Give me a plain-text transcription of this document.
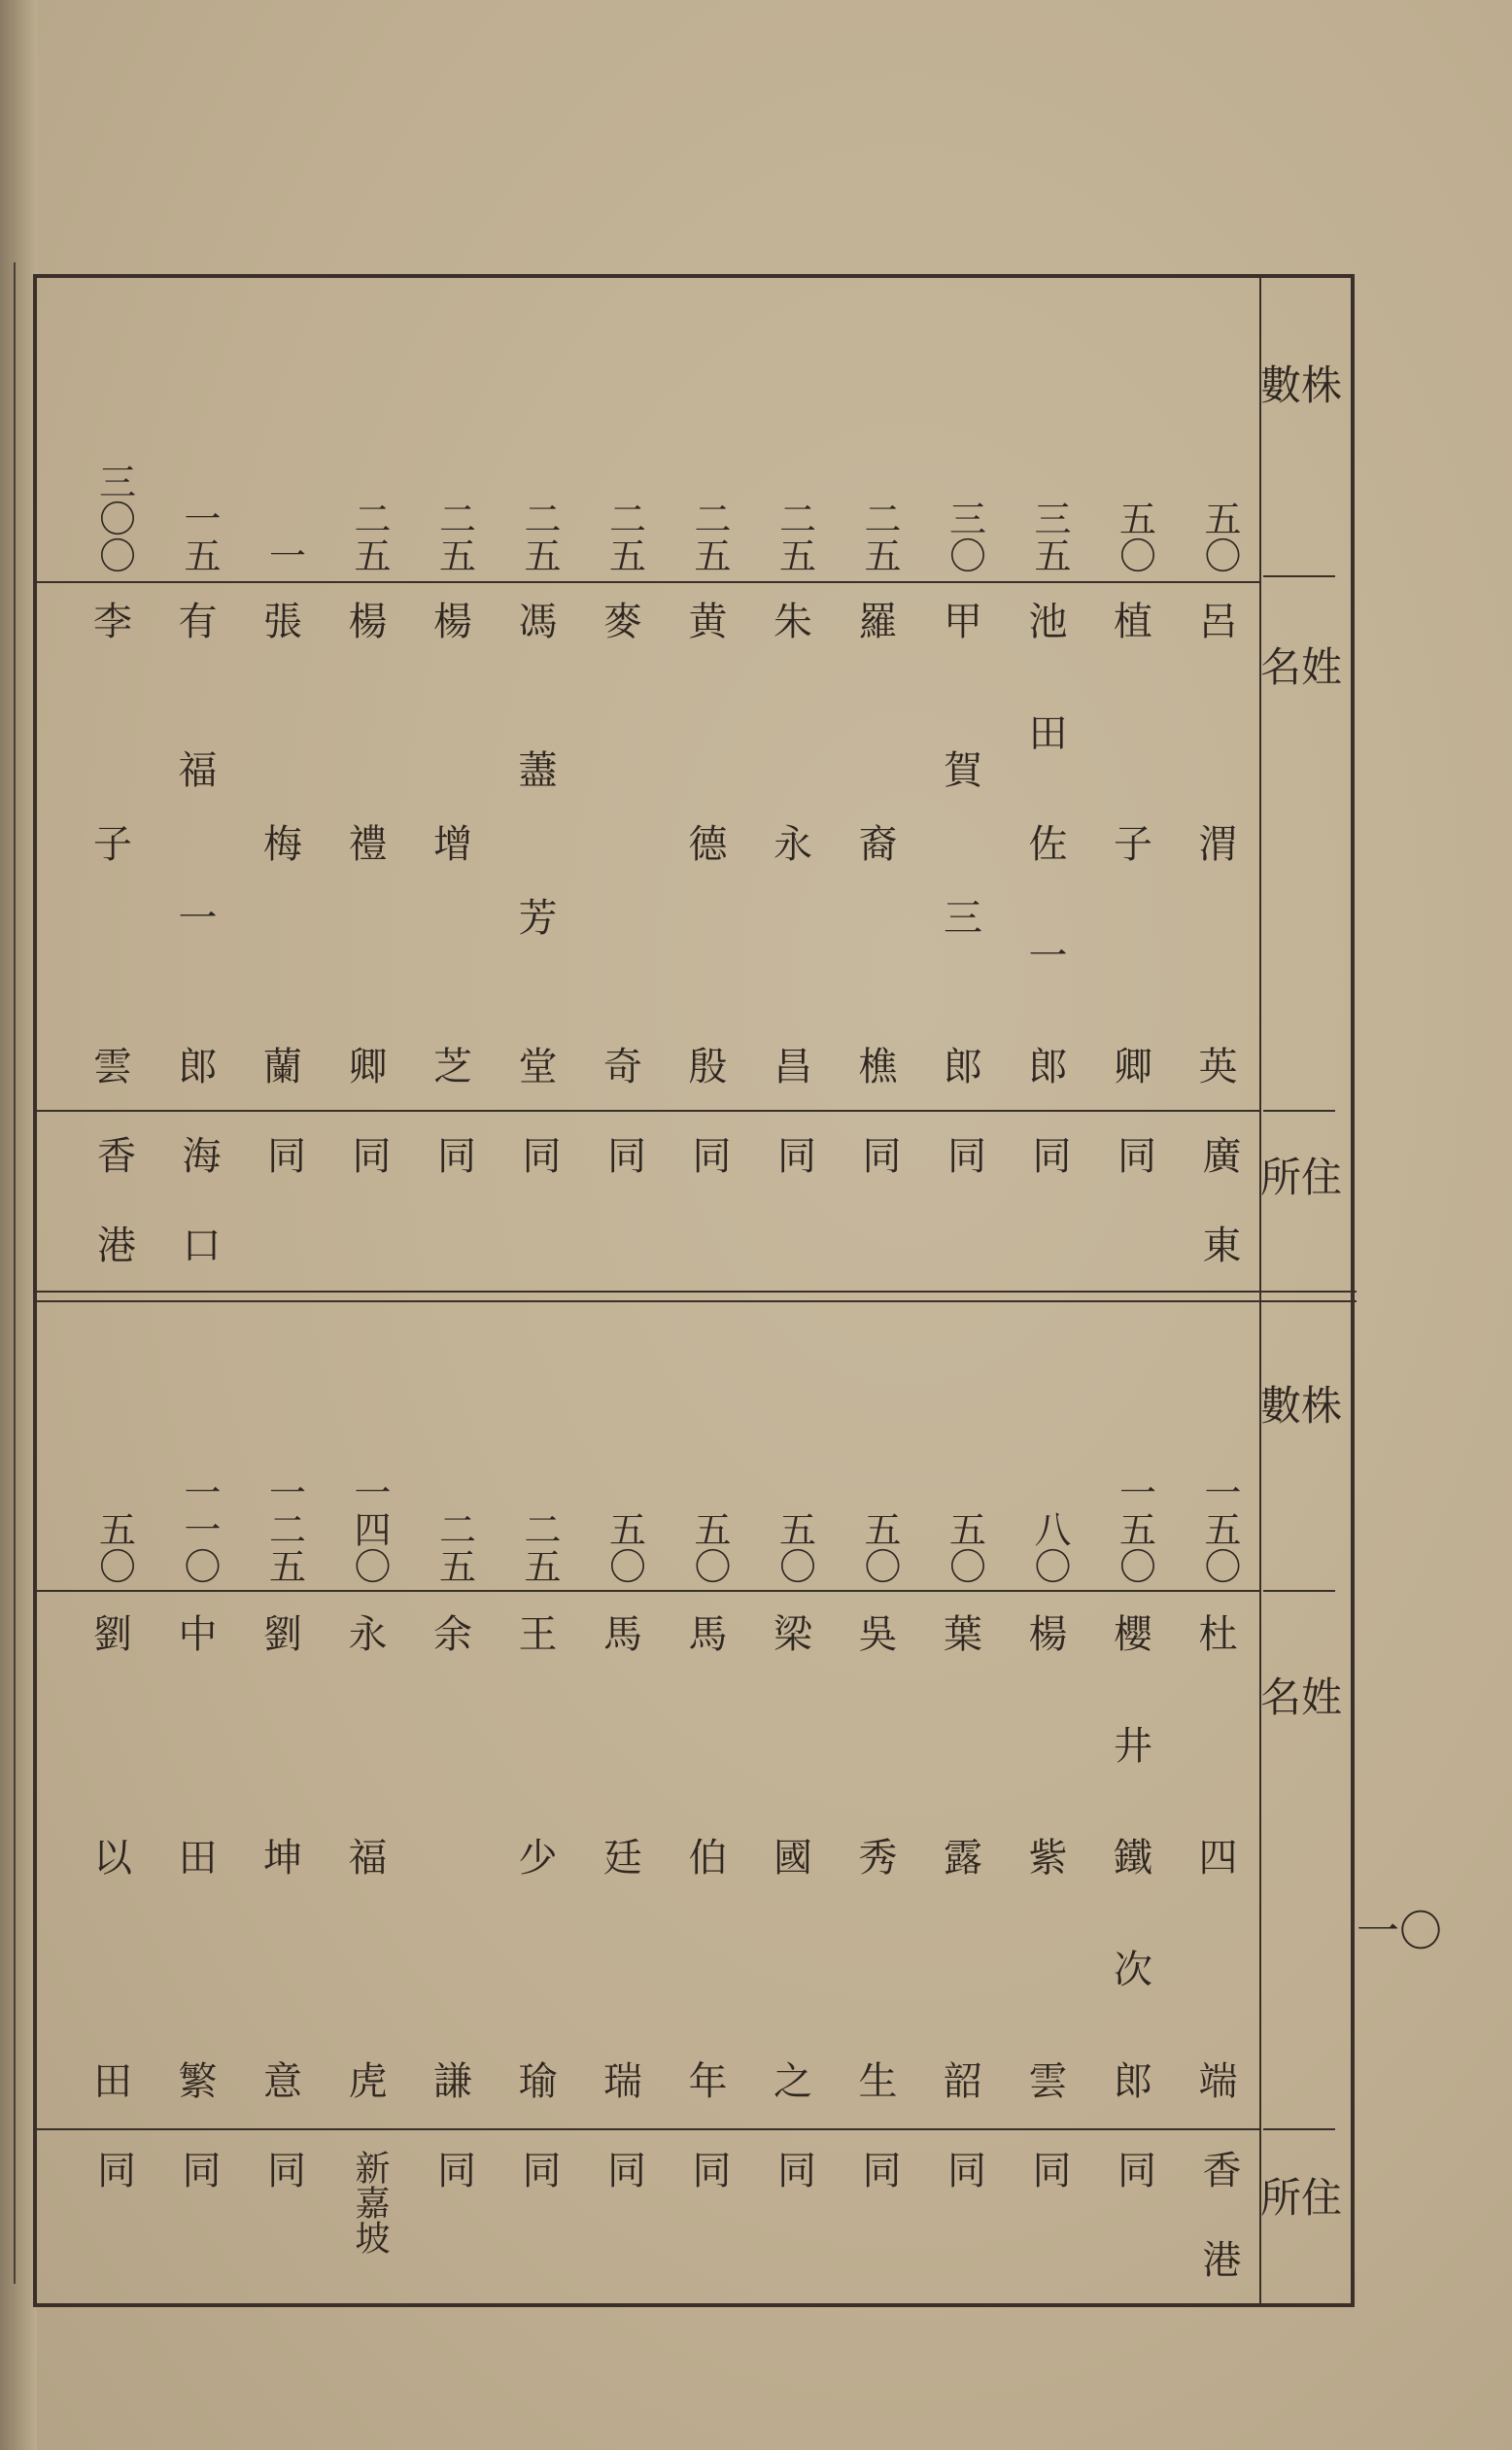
株數
姓名
住所
株數
姓名
住所
一〇
五〇
呂
渭
英
廣東
五〇
植
子
卿
同
三五
池
田
佐
一
郎
同
三〇
甲
賀
三
郎
同
二五
羅
裔
樵
同
二五
朱
永
昌
同
二五
黄
德
殷
同
二五
麥
奇
同
二五
馮
藎
芳
堂
同
二五
楊
增
芝
同
二五
楊
禮
卿
同
一
張
梅
蘭
同
一五
有
福
一
郎
海口
三〇〇
李
子
雲
香港
一五〇
杜
四
端
香港
一五〇
櫻
井
鐵
次
郎
同
八〇
楊
紫
雲
同
五〇
葉
露
韶
同
五〇
吳
秀
生
同
五〇
梁
國
之
同
五〇
馬
伯
年
同
五〇
馬
廷
瑞
同
二五
王
少
瑜
同
二五
余
謙
同
一四〇
永
福
虎
新嘉坡
一二五
劉
坤
意
同
一一〇
中
田
繁
同
五〇
劉
以
田
同
